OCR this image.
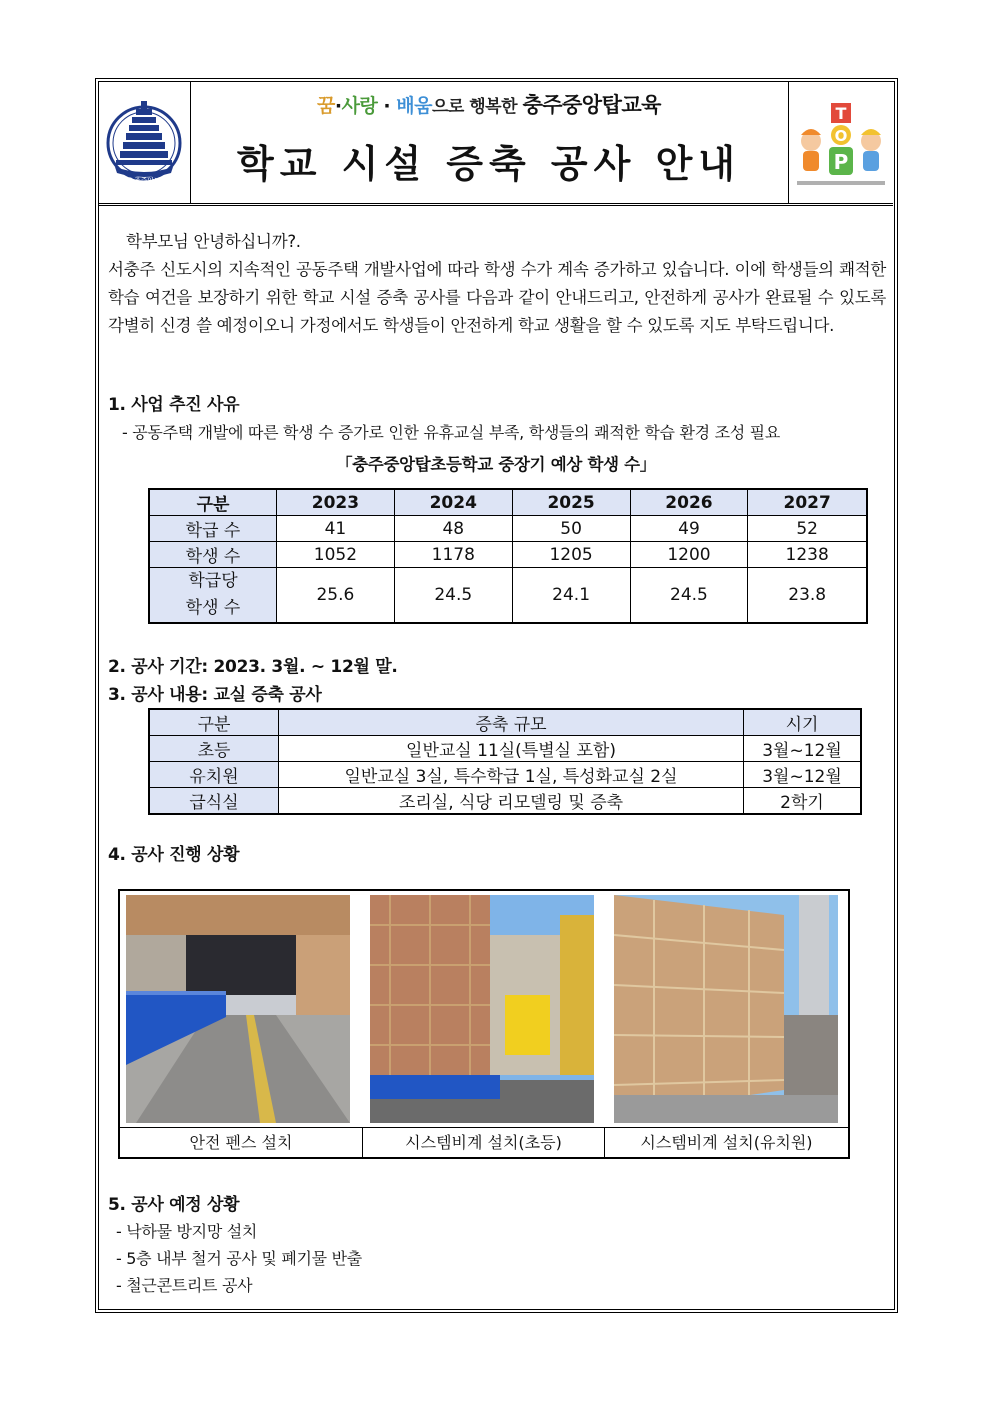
충주중앙탑
꿈·사랑 · 배움으로 행복한 충주중앙탑교육
학교 시설 증축 공사 안내
T
O
P

학부모님 안녕하십니까?.

서충주 신도시의 지속적인 공동주택 개발사업에 따라 학생 수가 계속 증가하고 있습니다. 이에 학생들의 쾌적한 학습 여건을 보장하기 위한 학교 시설 증축 공사를 다음과 같이 안내드리고, 안전하게 공사가 완료될 수 있도록 각별히 신경 쓸 예정이오니 가정에서도 학생들이 안전하게 학교 생활을 할 수 있도록 지도 부탁드립니다.

1. 사업 추진 사유
- 공동주택 개발에 따른 학생 수 증가로 인한 유휴교실 부족, 학생들의 쾌적한 학습 환경 조성 필요
「충주중앙탑초등학교 중장기 예상 학생 수」
구분	2023	2024	2025	2026	2027
학급 수	41	48	50	49	52
학생 수	1052	1178	1205	1200	1238

학급당
학생 수	25.6	24.5	24.1	24.5	23.8
2. 공사 기간: 2023. 3월. ~ 12월 말.
3. 공사 내용: 교실 증축 공사
구분	증축 규모	시기
초등	일반교실 11실(특별실 포함)	3월~12월
유치원	일반교실 3실, 특수학급 1실, 특성화교실 2실	3월~12월
급식실	조리실, 식당 리모델링 및 증축	2학기
4. 공사 진행 상황
안전 펜스 설치	시스템비계 설치(초등)	시스템비계 설치(유치원)
5. 공사 예정 상황
- 낙하물 방지망 설치
- 5층 내부 철거 공사 및 폐기물 반출
- 철근콘트리트 공사
